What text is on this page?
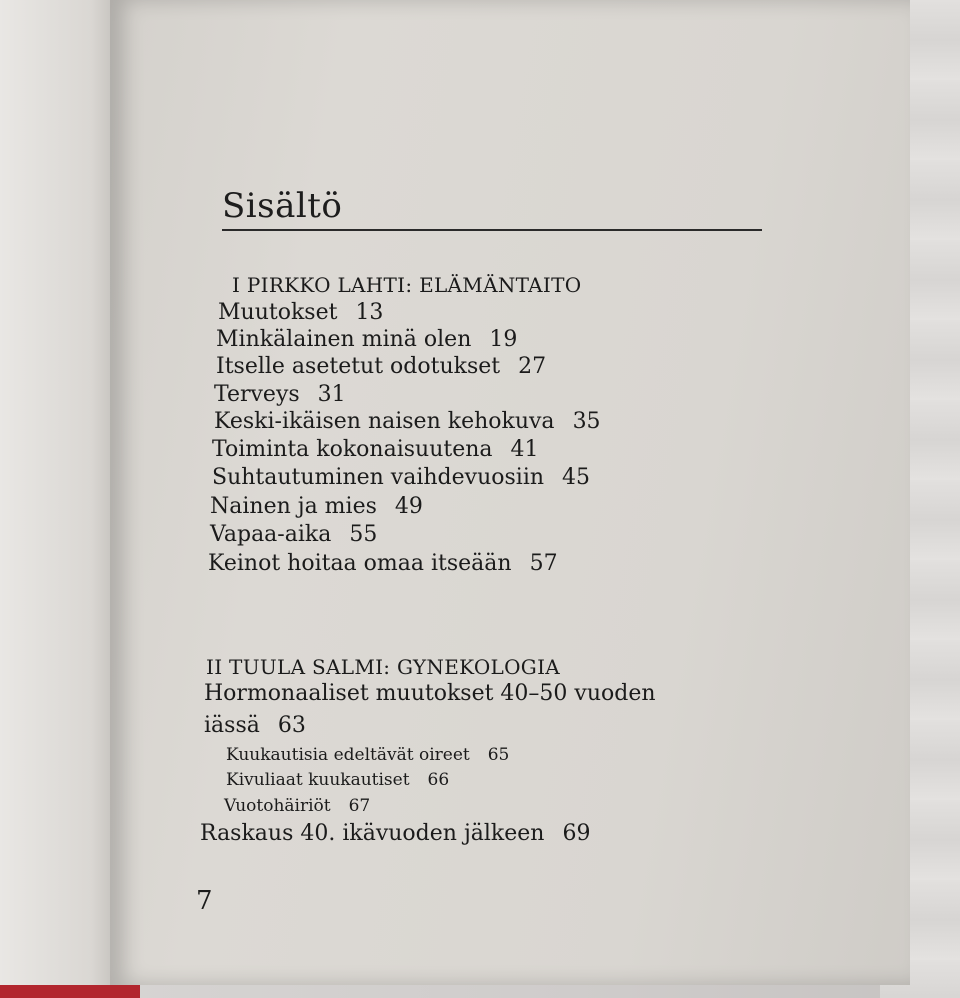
Sisältö
I PIRKKO LAHTI: ELÄMÄNTAITO
Muutokset 13
Minkälainen minä olen 19
Itselle asetetut odotukset 27
Terveys 31
Keski-ikäisen naisen kehokuva 35
Toiminta kokonaisuutena 41
Suhtautuminen vaihdevuosiin 45
Nainen ja mies 49
Vapaa-aika 55
Keinot hoitaa omaa itseään 57
II TUULA SALMI: GYNEKOLOGIA
Hormonaaliset muutokset 40–50 vuoden
iässä 63
Kuukautisia edeltävät oireet 65
Kivuliaat kuukautiset 66
Vuotohäiriöt 67
Raskaus 40. ikävuoden jälkeen 69
7
